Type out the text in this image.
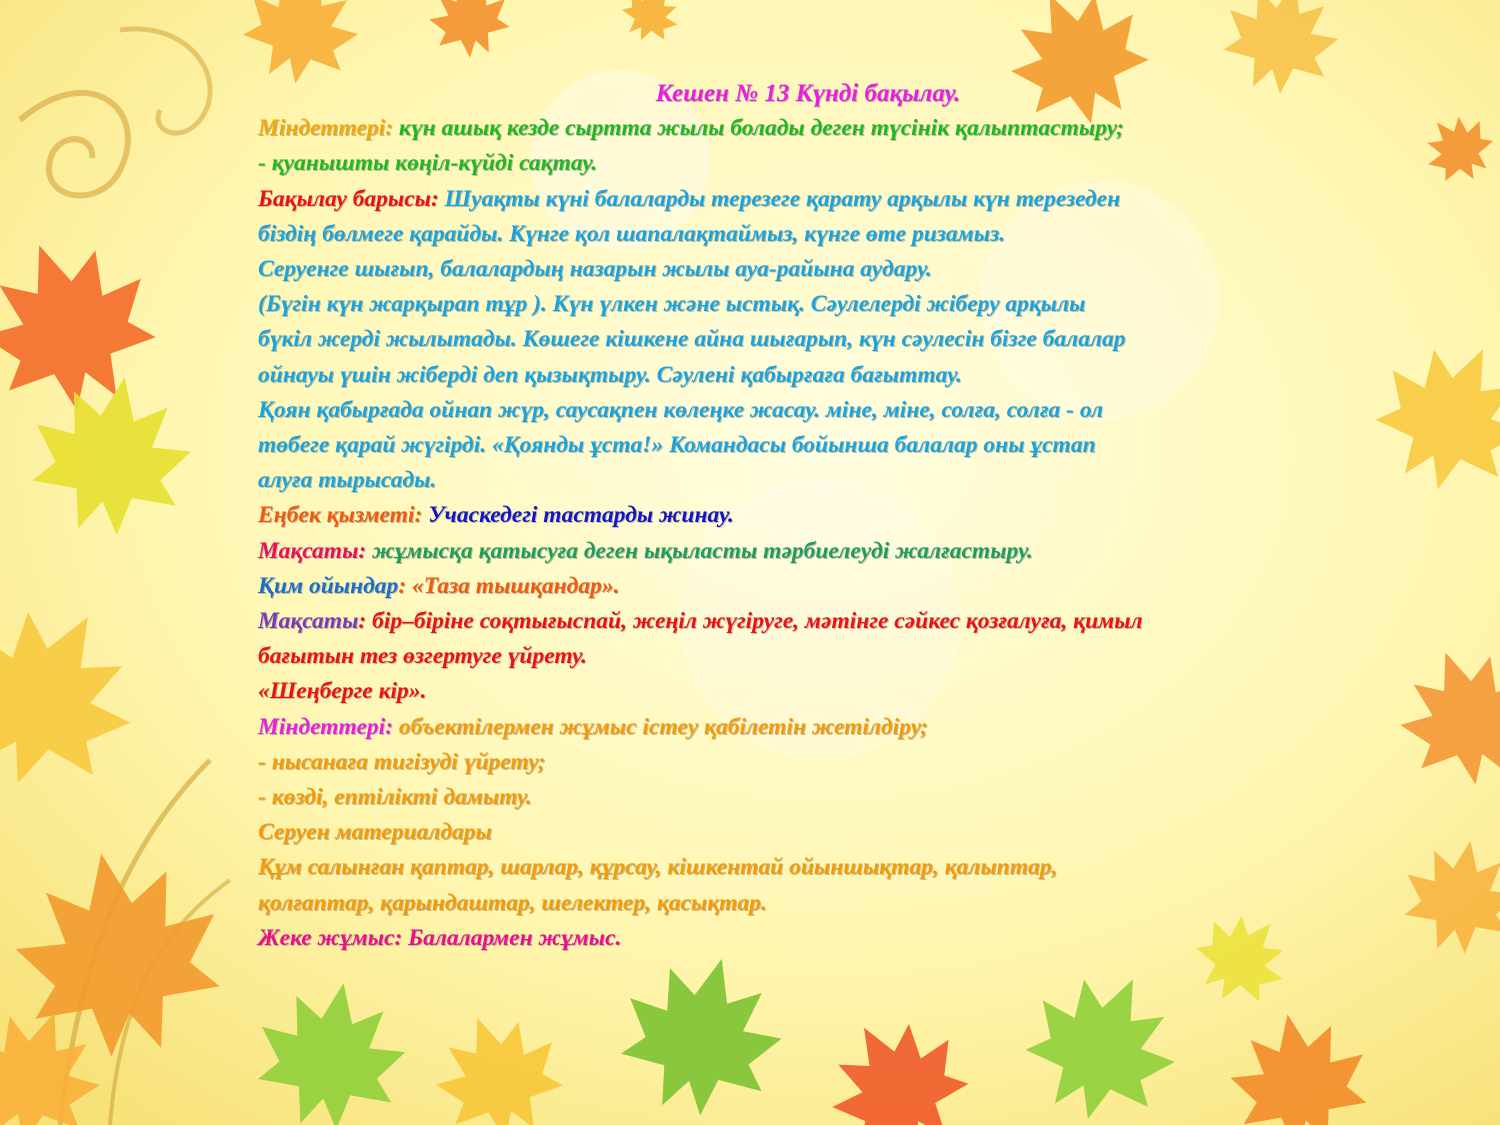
Кешен № 13 Күнді бақылау.
Міндеттері: күн ашық кезде сыртта жылы болады деген түсінік қалыптастыру;
- қуанышты көңіл-күйді сақтау.
Бақылау барысы: Шуақты күні балаларды терезеге қарату арқылы күн терезеден
біздің бөлмеге қарайды. Күнге қол шапалақтаймыз, күнге өте ризамыз.
Серуенге шығып, балалардың назарын жылы ауа-райына аудару.
(Бүгін күн жарқырап тұр ). Күн үлкен және ыстық. Сәулелерді жіберу арқылы
бүкіл жерді жылытады. Көшеге кішкене айна шығарып, күн сәулесін бізге балалар
ойнауы үшін жіберді деп қызықтыру. Сәулені қабырғаға бағыттау.
Қоян қабырғада ойнап жүр, саусақпен көлеңке жасау. міне, міне, солға, солға - ол
төбеге қарай жүгірді. «Қоянды ұста!» Командасы бойынша балалар оны ұстап
алуға тырысады.
Еңбек қызметі: Учаскедегі тастарды жинау.
Мақсаты: жұмысқа қатысуға деген ықыласты тәрбиелеуді жалғастыру.
Қим ойындар: «Таза тышқандар».
Мақсаты: бір–біріне соқтығыспай, жеңіл жүгіруге, мәтінге сәйкес қозғалуға, қимыл
бағытын тез өзгертуге үйрету.
«Шеңберге кір».
Міндеттері: объектілермен жұмыс істеу қабілетін жетілдіру;
- нысанаға тигізуді үйрету;
- көзді, ептілікті дамыту.
Серуен материалдары
Құм салынған қаптар, шарлар, құрсау, кішкентай ойыншықтар, қалыптар,
қолғаптар, қарындаштар, шелектер, қасықтар.
Жеке жұмыс: Балалармен жұмыс.
